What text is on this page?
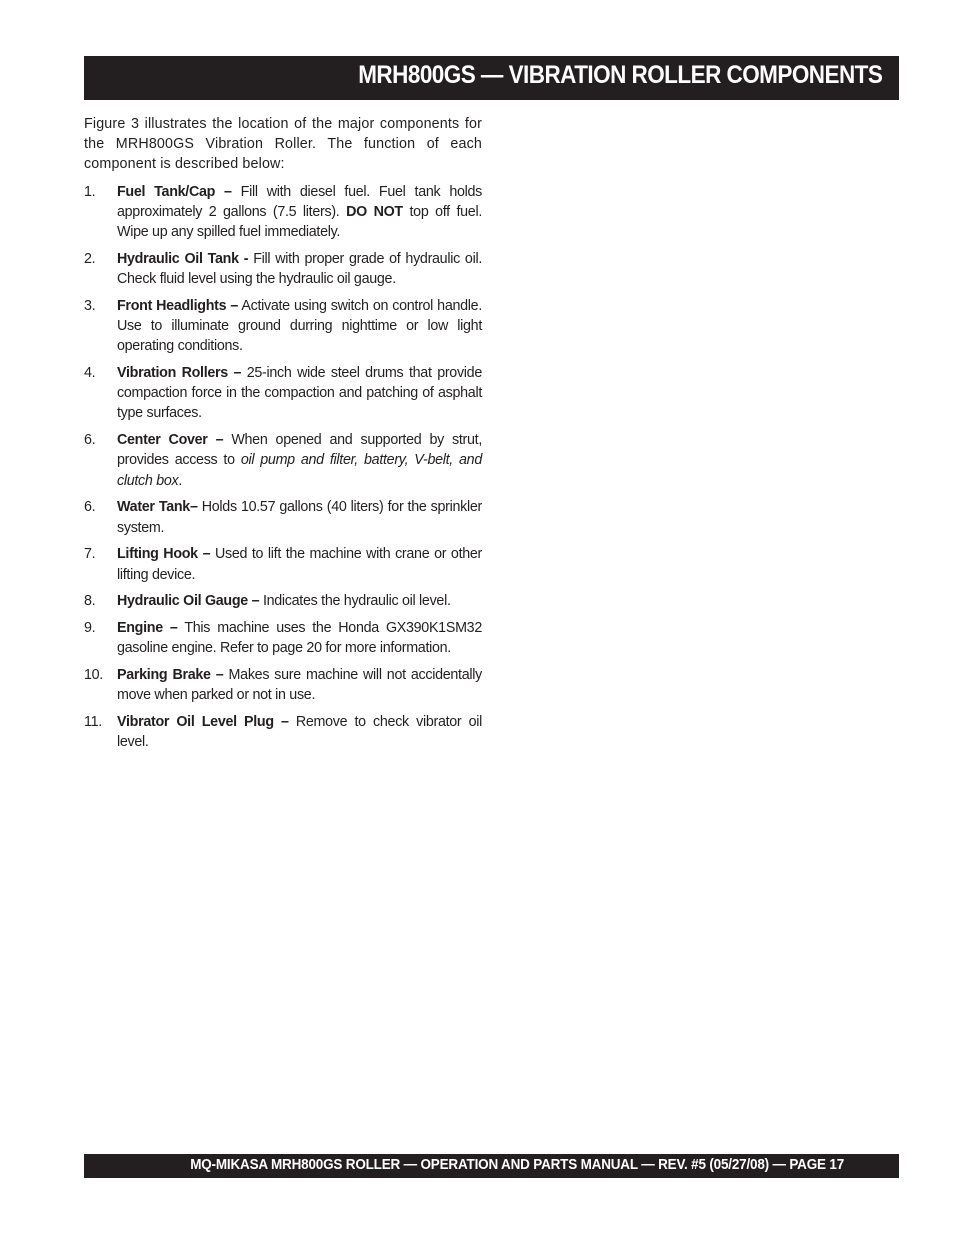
MRH800GS — VIBRATION ROLLER COMPONENTS

Figure 3 illustrates the location of the major components for the MRH800GS Vibration Roller. The function of each component is described below:

1. Fuel Tank/Cap – Fill with diesel fuel. Fuel tank holds approximately 2 gallons (7.5 liters). DO NOT top off fuel. Wipe up any spilled fuel immediately.
2. Hydraulic Oil Tank - Fill with proper grade of hydraulic oil. Check fluid level using the hydraulic oil gauge.
3. Front Headlights – Activate using switch on control handle. Use to illuminate ground durring nighttime or low light operating conditions.
4. Vibration Rollers – 25-inch wide steel drums that provide compaction force in the compaction and patching of asphalt type surfaces.
6. Center Cover – When opened and supported by strut, provides access to oil pump and filter, battery, V-belt, and clutch box.
6. Water Tank– Holds 10.57 gallons (40 liters) for the sprinkler system.
7. Lifting Hook – Used to lift the machine with crane or other lifting device.
8. Hydraulic Oil Gauge – Indicates the hydraulic oil level.
9. Engine – This machine uses the Honda GX390K1SM32 gasoline engine. Refer to page 20 for more information.
10. Parking Brake – Makes sure machine will not accidentally move when parked or not in use.
11. Vibrator Oil Level Plug – Remove to check vibrator oil level.
MQ-MIKASA MRH800GS ROLLER — OPERATION AND PARTS MANUAL — REV. #5 (05/27/08) — PAGE 17
